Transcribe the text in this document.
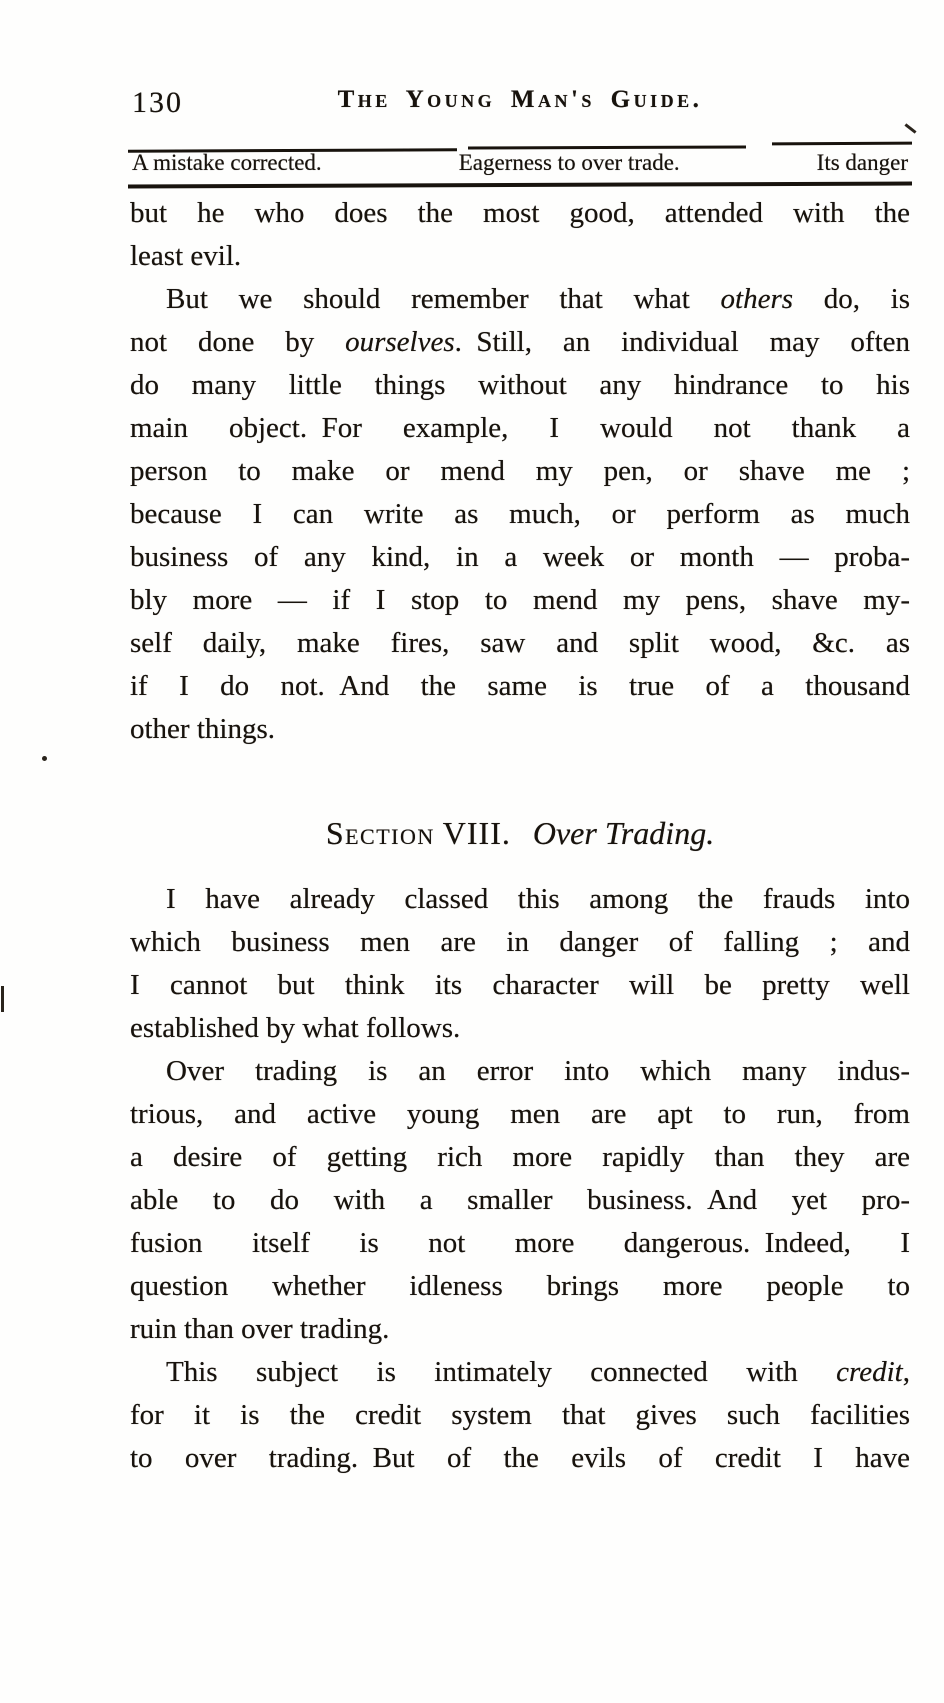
130	The Young Man's Guide.
A mistake corrected.	Eagerness to over trade.	Its danger
but he who does the most good, attended with the
least evil.
But we should remember that what others do, is
not done by ourselves. Still, an individual may often
do many little things without any hindrance to his
main object. For example, I would not thank a
person to make or mend my pen, or shave me ;
because I can write as much, or perform as much
business of any kind, in a week or month — proba-
bly more — if I stop to mend my pens, shave my-
self daily, make fires, saw and split wood, &c. as
if I do not. And the same is true of a thousand
other things.
Section VIII. Over Trading.
I have already classed this among the frauds into
which business men are in danger of falling ; and
I cannot but think its character will be pretty well
established by what follows.
Over trading is an error into which many indus-
trious, and active young men are apt to run, from
a desire of getting rich more rapidly than they are
able to do with a smaller business. And yet pro-
fusion itself is not more dangerous. Indeed, I
question whether idleness brings more people to
ruin than over trading.
This subject is intimately connected with credit,
for it is the credit system that gives such facilities
to over trading. But of the evils of credit I have
